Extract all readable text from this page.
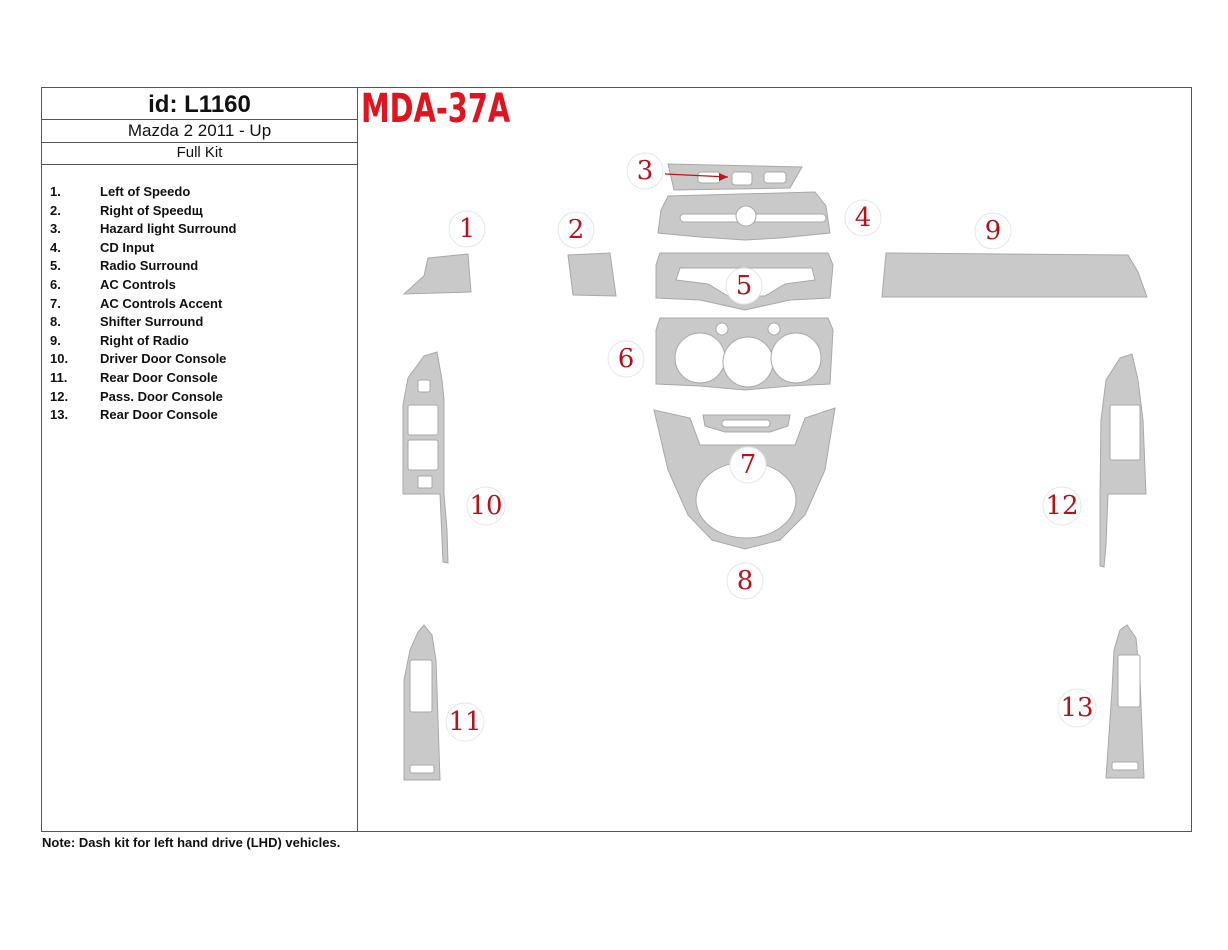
id: L1160
Mazda 2 2011 - Up
Full Kit
1.	Left of Speedo
2.	Right of Speedщ
3.	Hazard light Surround
4.	CD Input
5.	Radio Surround
6.	AC Controls
7.	AC Controls Accent
8.	Shifter Surround
9.	Right of Radio
10. Driver Door Console
11.	Rear Door Console
12. Pass. Door Console
13. Rear Door Console
MDA-37A
1	2
3
4
5
6
7
8
9
10
11
12
13
Note: Dash kit for left hand drive (LHD) vehicles.
